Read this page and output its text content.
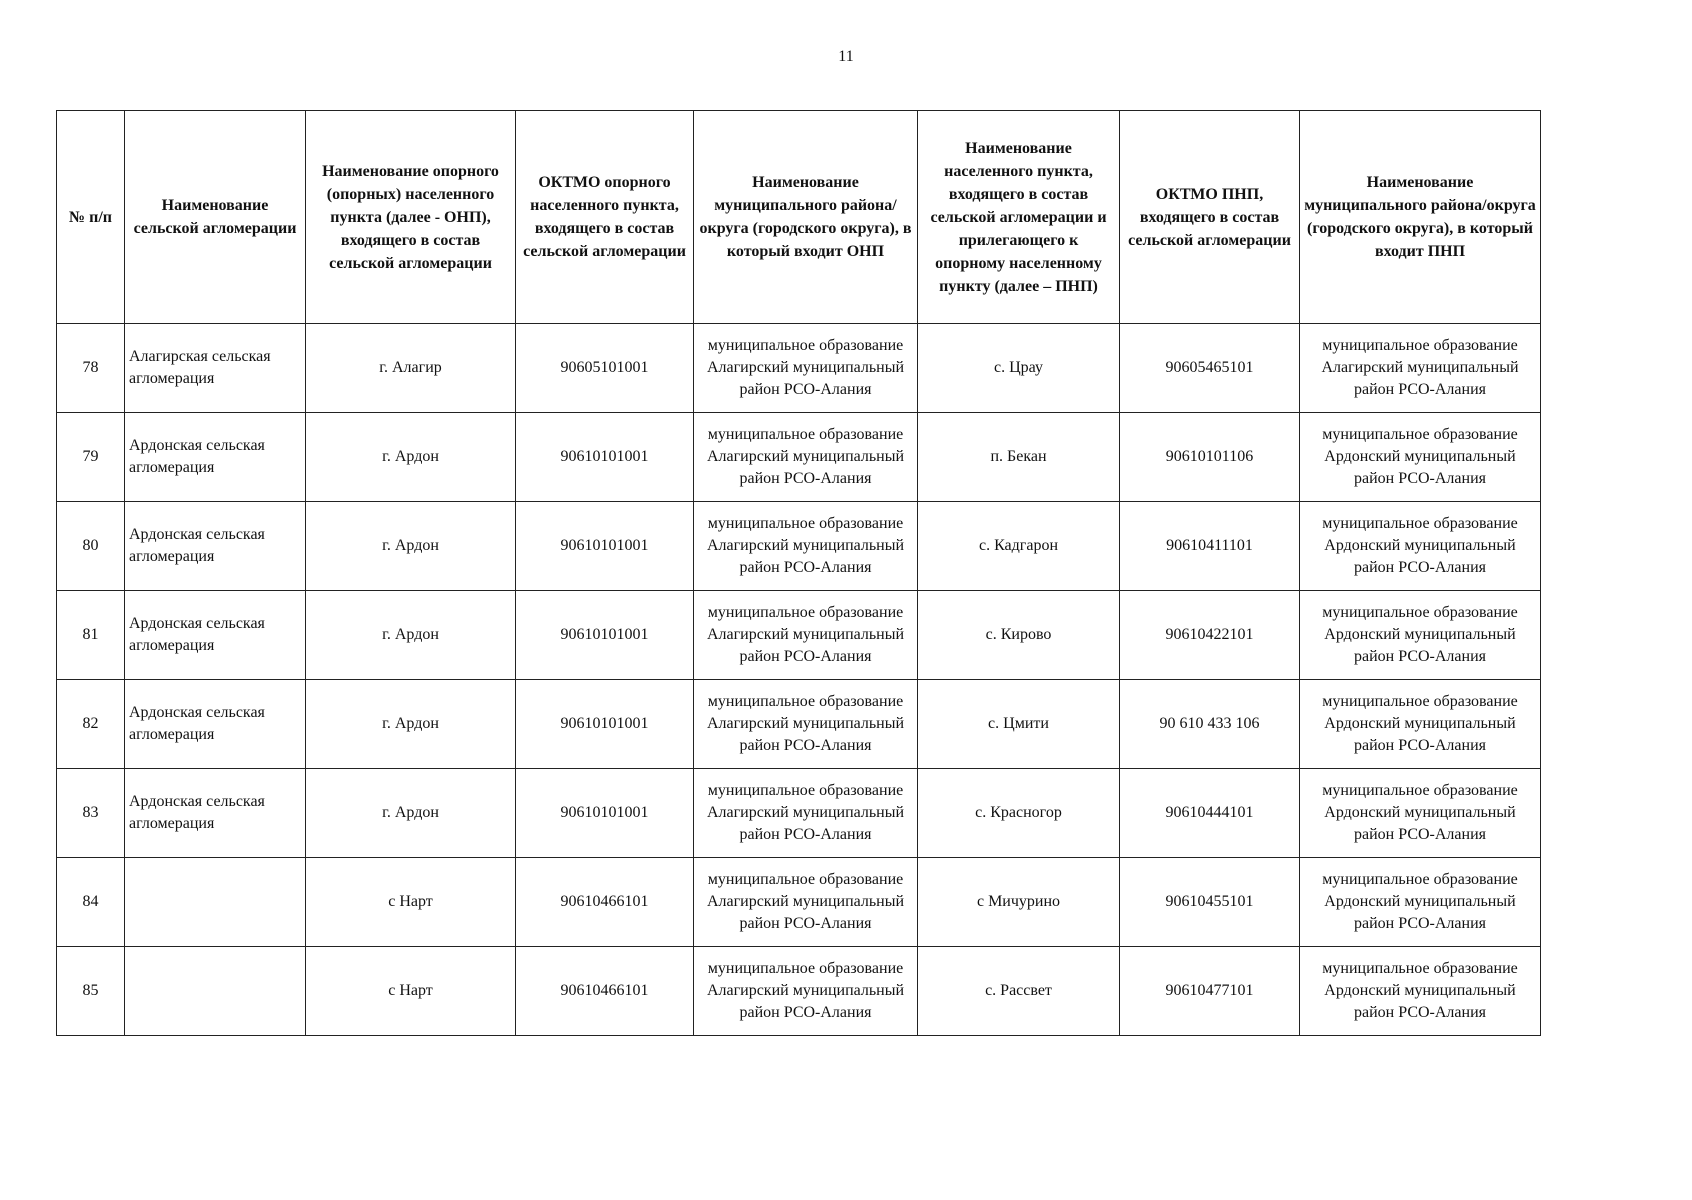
11
№ п/п	Наименование сельской агломерации	Наименование опорного (опорных) населенного пункта (далее - ОНП), входящего в состав сельской агломерации	ОКТМО опорного населенного пункта, входящего в состав сельской агломерации	Наименование муниципального района/округа (городского округа), в который входит ОНП	Наименование населенного пункта, входящего в состав сельской агломерации и прилегающего к опорному населенному пункту (далее – ПНП)	ОКТМО ПНП, входящего в состав сельской агломерации	Наименование муниципального района/округа (городского округа), в который входит ПНП
78	Алагирская сельская агломерация	г. Алагир	90605101001	муниципальное образование Алагирский муниципальный район РСО-Алания	с. Црау	90605465101	муниципальное образование Алагирский муниципальный район РСО-Алания
79	Ардонская сельская агломерация	г. Ардон	90610101001	муниципальное образование Алагирский муниципальный район РСО-Алания	п. Бекан	90610101106	муниципальное образование Ардонский муниципальный район РСО-Алания
80	Ардонская сельская агломерация	г. Ардон	90610101001	муниципальное образование Алагирский муниципальный район РСО-Алания	с. Кадгарон	90610411101	муниципальное образование Ардонский муниципальный район РСО-Алания
81	Ардонская сельская агломерация	г. Ардон	90610101001	муниципальное образование Алагирский муниципальный район РСО-Алания	с. Кирово	90610422101	муниципальное образование Ардонский муниципальный район РСО-Алания
82	Ардонская сельская агломерация	г. Ардон	90610101001	муниципальное образование Алагирский муниципальный район РСО-Алания	с. Цмити	90 610 433 106	муниципальное образование Ардонский муниципальный район РСО-Алания
83	Ардонская сельская агломерация	г. Ардон	90610101001	муниципальное образование Алагирский муниципальный район РСО-Алания	с. Красногор	90610444101	муниципальное образование Ардонский муниципальный район РСО-Алания
84		с Нарт	90610466101	муниципальное образование Алагирский муниципальный район РСО-Алания	с Мичурино	90610455101	муниципальное образование Ардонский муниципальный район РСО-Алания
85		с Нарт	90610466101	муниципальное образование Алагирский муниципальный район РСО-Алания	с. Рассвет	90610477101	муниципальное образование Ардонский муниципальный район РСО-Алания
